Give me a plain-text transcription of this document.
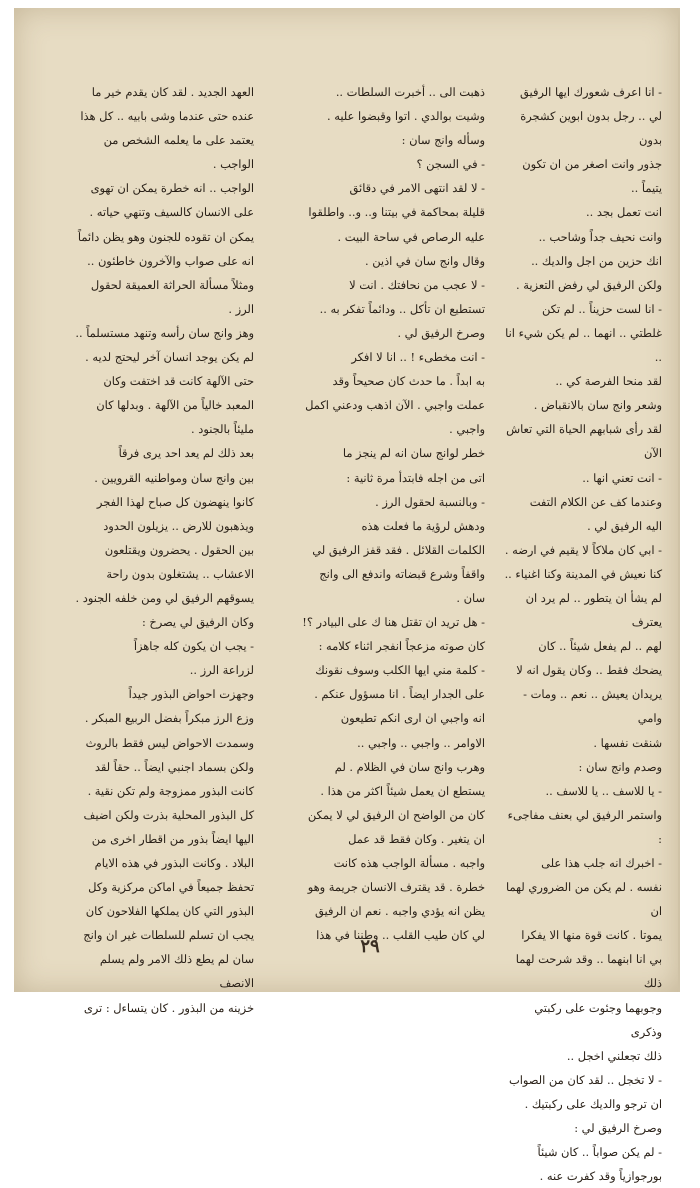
- انا اعرف شعورك ايها الرفيق

لي .. رجل بدون ابوين كشجرة بدون

جذور وانت اصغر من ان تكون يتيماً ..

انت تعمل بجد ..

وانت نحيف جداً وشاحب ..

انك حزين من اجل والديك ..

ولكن الرفيق لي رفض التعزية .

- انا لست حزيناً .. لم تكن

غلطتي .. انهما .. لم يكن شيء انا ..

لقد منحا الفرصة كي ..

وشعر وانج سان بالانقباض .

لقد رأى شبابهم الحياة التي تعاش الآن

- انت تعني انها ..

وعندما كف عن الكلام التفت

اليه الرفيق لي .

- ابي كان ملاكاً لا يقيم في ارضه .

كنا نعيش في المدينة وكنا اغنياء ..

لم يشأ ان يتطور .. لم يرد ان يعترف

لهم .. لم يفعل شيئاً .. كان

يضحك فقط .. وكان يقول انه لا

يريدان يعيش .. نعم .. ومات - وامي

شنقت نفسها .

وصدم وانج سان :

- يا للاسف .. يا للاسف ..

واستمر الرفيق لي بعنف مفاجىء :

- اخبرك انه جلب هذا على

نفسه . لم يكن من الضروري لهما ان

يموتا . كانت قوة منها الا يفكرا

بي انا ابنهما .. وقد شرحت لهما ذلك

وجوبهما وجئوت على ركبتي وذكرى

ذلك تجعلني اخجل ..

- لا تخجل .. لقد كان من الصواب

ان ترجو والديك على ركبتيك .

وصرخ الرفيق لي :

- لم يكن صواباً .. كان شيئاً

بورجوازياً وقد كفرت عنه .

ذهبت الى .. أخبرت السلطات ..

وشيت بوالدي . اتوا وقبضوا عليه .

وسأله وانج سان :

- في السجن ؟

- لا لقد انتهى الامر في دقائق

قليلة بمحاكمة في بيتنا و.. و.. واطلقوا

عليه الرصاص في ساحة البيت .

وقال وانج سان في اذين .

- لا عجب من نحافتك . انت لا

تستطيع ان تأكل .. ودائماً تفكر به ..

وصرخ الرفيق لي .

- انت مخطىء ! .. انا لا افكر

به ابداً . ما حدث كان صحيحاً وقد

عملت واجبي . الآن اذهب ودعني اكمل

واجبي .

خطر لوانج سان انه لم ينجز ما

اتى من اجله فابتدأ مرة ثانية :

- وبالنسبة لحقول الرز .

ودهش لرؤية ما فعلت هذه

الكلمات القلائل . فقد قفز الرفيق لي

واقفاً وشرع قبضاته واندفع الى وانج

سان .

- هل تريد ان تقتل هنا ك على البيادر ؟!

كان صوته مزعجاً انفجر اثناء كلامه :

- كلمة مني ايها الكلب وسوف نقونك

على الجدار ايضاً . انا مسؤول عنكم .

انه واجبي ان ارى انكم تطيعون

الاوامر .. واجبي .. واجبي ..

وهرب وانج سان في الظلام . لم

يستطع ان يعمل شيئاً اكثر من هذا .

كان من الواضح ان الرفيق لي لا يمكن

ان يتغير . وكان فقط قد عمل

واجبه . مسألة الواجب هذه كانت

خطرة . قد يقترف الانسان جريمة وهو

يظن انه يؤدي واجبه . نعم ان الرفيق

لي كان طيب القلب .. وطننا في هذا

العهد الجديد . لقد كان يقدم خير ما

عنده حتى عندما وشى بابيه .. كل هذا

يعتمد على ما يعلمه الشخص من الواجب .

الواجب .. انه خطرة يمكن ان تهوى

على الانسان كالسيف وتنهي حياته .

يمكن ان تقوده للجنون وهو يظن دائماً

انه على صواب والآخرون خاطئون ..

ومثلاً مسألة الحراثة العميقة لحقول الرز .

وهز وانج سان رأسه وتنهد مستسلماً ..

لم يكن يوجد انسان آخر ليحتج لديه .

حتى الآلهة كانت قد اختفت وكان

المعبد خالياً من الآلهة . وبدلها كان

مليئاً بالجنود .

بعد ذلك لم يعد احد يرى فرقاً

بين وانج سان ومواطنيه القرويين .

كانوا ينهضون كل صباح لهذا الفجر

ويذهبون للارض .. يزيلون الحدود

بين الحقول . يحضرون ويقتلعون

الاعشاب .. يشتغلون بدون راحة

يسوقهم الرفيق لي ومن خلفه الجنود .

وكان الرفيق لي يصرخ :

- يجب ان يكون كله جاهزاً

لزراعة الرز ..

وجهزت احواض البذور جيداً

وزع الرز مبكراً بفضل الربيع المبكر .

وسمدت الاحواض ليس فقط بالروث

ولكن بسماد اجنبي ايضاً .. حقاً لقد

كانت البذور ممزوجة ولم تكن نقية .

كل البذور المحلية بذرت ولكن اضيف

اليها ايضاً بذور من اقطار اخرى من

البلاد . وكانت البذور في هذه الايام

تحفظ جميعاً في اماكن مركزية وكل

البذور التي كان يملكها الفلاحون كان

يجب ان تسلم للسلطات غير ان وانج

سان لم يطع ذلك الامر ولم يسلم الانصف

خزينه من البذور . كان يتساءل : ترى

٢٩
